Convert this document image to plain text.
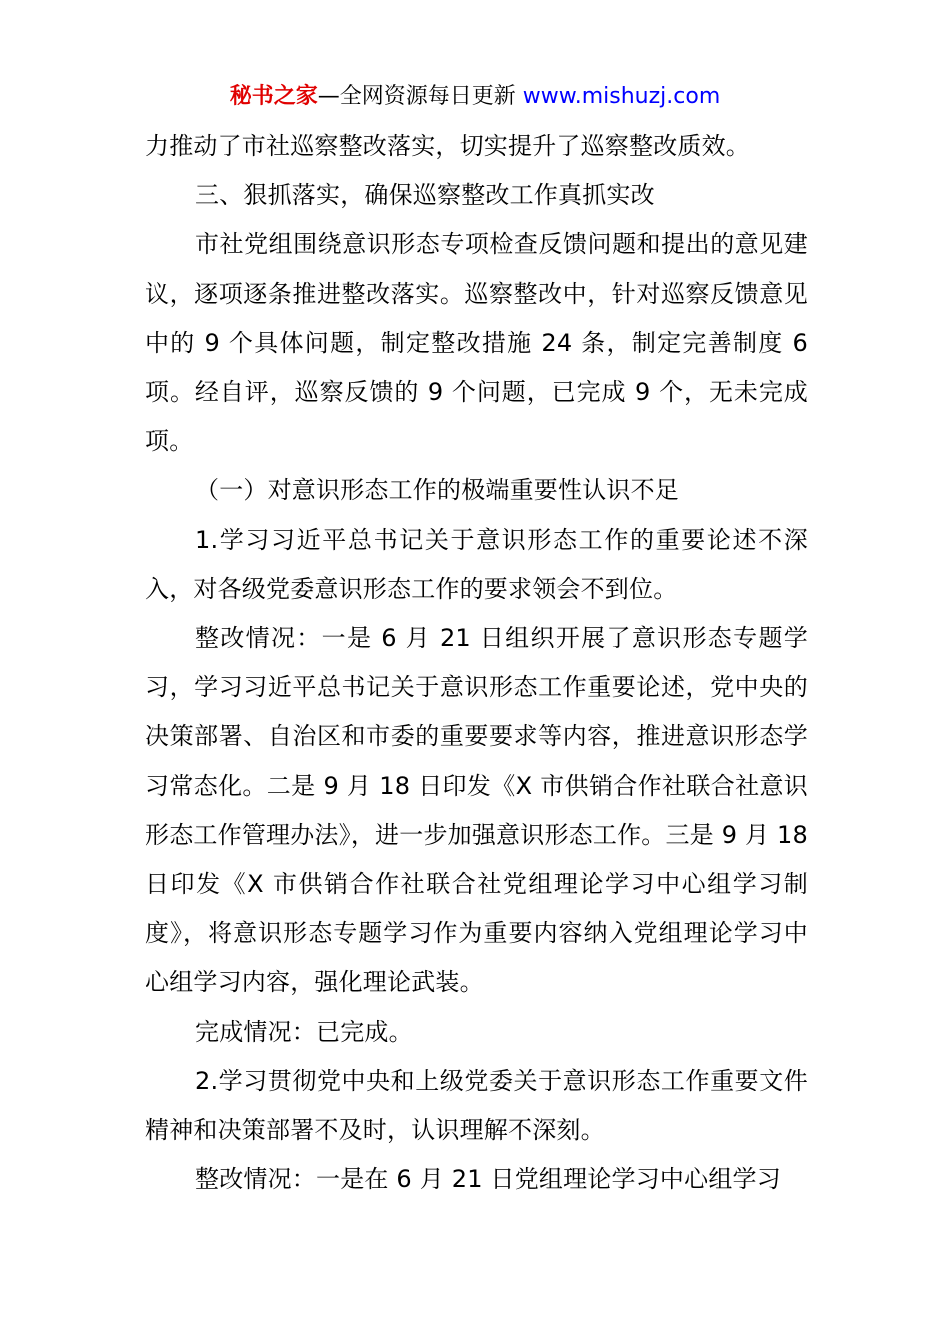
秘书之家—全网资源每日更新 www.mishuzj.com

力推动了市社巡察整改落实，切实提升了巡察整改质效。

三、狠抓落实，确保巡察整改工作真抓实改

市社党组围绕意识形态专项检查反馈问题和提出的意见建议，逐项逐条推进整改落实。巡察整改中，针对巡察反馈意见中的 9 个具体问题，制定整改措施 24 条，制定完善制度 6 项。经自评，巡察反馈的 9 个问题，已完成 9 个，无未完成项。

（一）对意识形态工作的极端重要性认识不足

1.学习习近平总书记关于意识形态工作的重要论述不深入，对各级党委意识形态工作的要求领会不到位。

整改情况：一是 6 月 21 日组织开展了意识形态专题学习，学习习近平总书记关于意识形态工作重要论述，党中央的决策部署、自治区和市委的重要要求等内容，推进意识形态学习常态化。二是 9 月 18 日印发《X 市供销合作社联合社意识形态工作管理办法》，进一步加强意识形态工作。三是 9 月 18 日印发《X 市供销合作社联合社党组理论学习中心组学习制度》，将意识形态专题学习作为重要内容纳入党组理论学习中心组学习内容，强化理论武装。

完成情况：已完成。

2.学习贯彻党中央和上级党委关于意识形态工作重要文件精神和决策部署不及时，认识理解不深刻。

整改情况：一是在 6 月 21 日党组理论学习中心组学习
